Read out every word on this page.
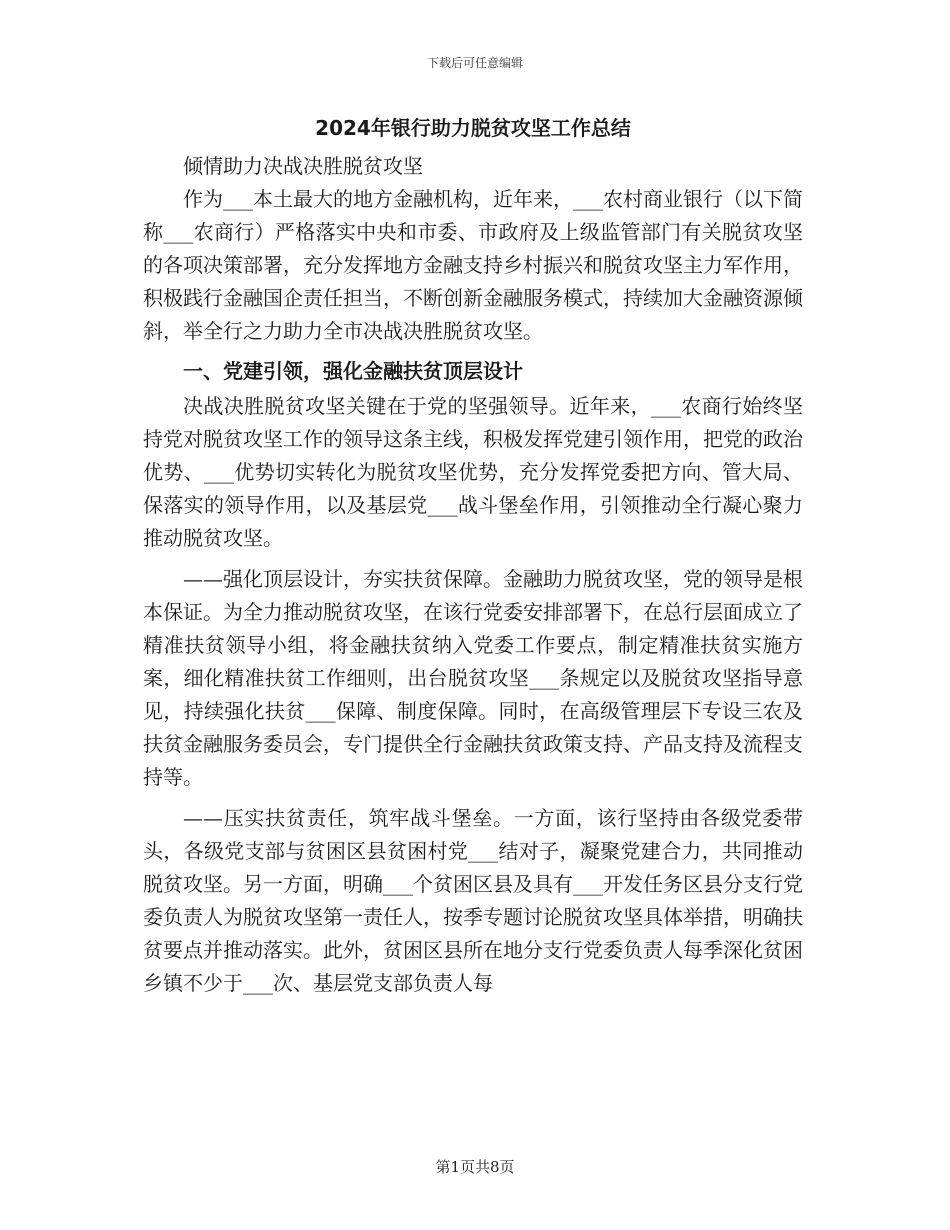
下载后可任意编辑
2024年银行助力脱贫攻坚工作总结

倾情助力决战决胜脱贫攻坚

作为___本土最大的地方金融机构，近年来，___农村商业银行（以下简称___农商行）严格落实中央和市委、市政府及上级监管部门有关脱贫攻坚的各项决策部署，充分发挥地方金融支持乡村振兴和脱贫攻坚主力军作用，积极践行金融国企责任担当，不断创新金融服务模式，持续加大金融资源倾斜，举全行之力助力全市决战决胜脱贫攻坚。

一、党建引领，强化金融扶贫顶层设计

决战决胜脱贫攻坚关键在于党的坚强领导。近年来，___农商行始终坚持党对脱贫攻坚工作的领导这条主线，积极发挥党建引领作用，把党的政治优势、___优势切实转化为脱贫攻坚优势，充分发挥党委把方向、管大局、保落实的领导作用，以及基层党___战斗堡垒作用，引领推动全行凝心聚力推动脱贫攻坚。

——强化顶层设计，夯实扶贫保障。金融助力脱贫攻坚，党的领导是根本保证。为全力推动脱贫攻坚，在该行党委安排部署下，在总行层面成立了精准扶贫领导小组，将金融扶贫纳入党委工作要点，制定精准扶贫实施方案，细化精准扶贫工作细则，出台脱贫攻坚___条规定以及脱贫攻坚指导意见，持续强化扶贫___保障、制度保障。同时，在高级管理层下专设三农及扶贫金融服务委员会，专门提供全行金融扶贫政策支持、产品支持及流程支持等。

——压实扶贫责任，筑牢战斗堡垒。一方面，该行坚持由各级党委带头，各级党支部与贫困区县贫困村党___结对子，凝聚党建合力，共同推动脱贫攻坚。另一方面，明确___个贫困区县及具有___开发任务区县分支行党委负责人为脱贫攻坚第一责任人，按季专题讨论脱贫攻坚具体举措，明确扶贫要点并推动落实。此外，贫困区县所在地分支行党委负责人每季深化贫困乡镇不少于___次、基层党支部负责人每

第1页共8页
